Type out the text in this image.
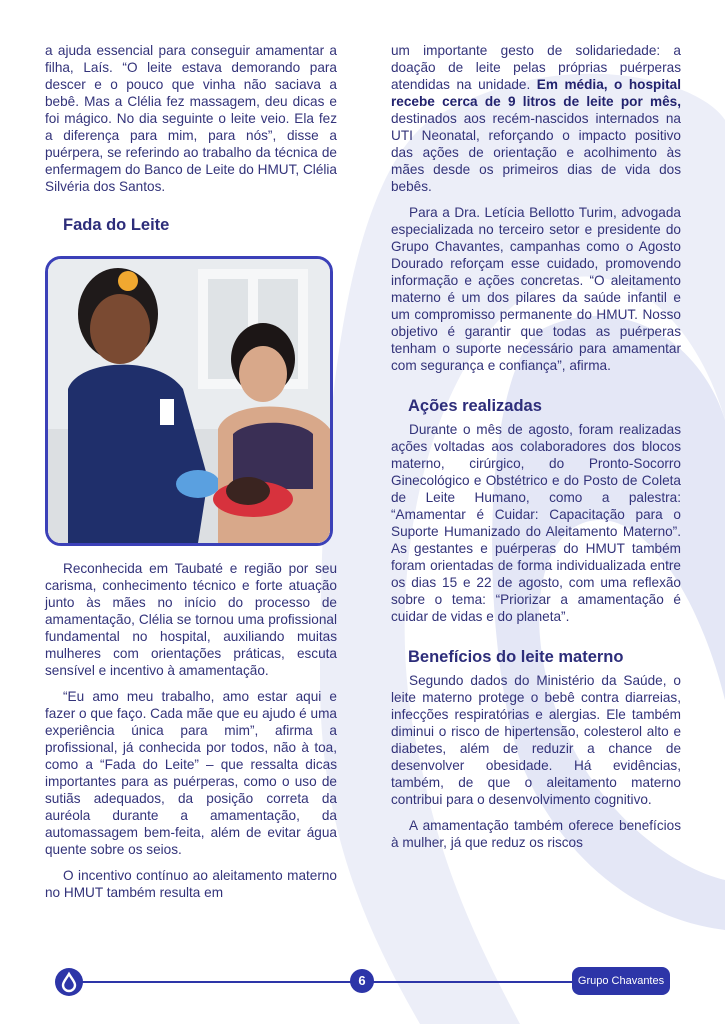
a ajuda essencial para conseguir amamentar a filha, Laís. “O leite estava demorando para descer e o pouco que vinha não saciava a bebê. Mas a Clélia fez massagem, deu dicas e foi mágico. No dia seguinte o leite veio. Ela fez a diferença para mim, para nós”, disse a puérpera, se referindo ao trabalho da técnica de enfermagem do Banco de Leite do HMUT, Clélia Silvéria dos Santos.

Fada do Leite

Reconhecida em Taubaté e região por seu carisma, conhecimento técnico e forte atuação junto às mães no início do processo de amamentação, Clélia se tornou uma profissional fundamental no hospital, auxiliando muitas mulheres com orientações práticas, escuta sensível e incentivo à amamentação.

“Eu amo meu trabalho, amo estar aqui e fazer o que faço. Cada mãe que eu ajudo é uma experiência única para mim”, afirma a profissional, já conhecida por todos, não à toa, como a “Fada do Leite” – que ressalta dicas importantes para as puérperas, como o uso de sutiãs adequados, da posição correta da auréola durante a amamentação, da automassagem bem-feita, além de evitar água quente sobre os seios.

O incentivo contínuo ao aleitamento materno no HMUT também resulta em

um importante gesto de solidariedade: a doação de leite pelas próprias puérperas atendidas na unidade. Em média, o hospital recebe cerca de 9 litros de leite por mês, destinados aos recém-nascidos internados na UTI Neonatal, reforçando o impacto positivo das ações de orientação e acolhimento às mães desde os primeiros dias de vida dos bebês.

Para a Dra. Letícia Bellotto Turim, advogada especializada no terceiro setor e presidente do Grupo Chavantes, campanhas como o Agosto Dourado reforçam esse cuidado, promovendo informação e ações concretas. “O aleitamento materno é um dos pilares da saúde infantil e um compromisso permanente do HMUT. Nosso objetivo é garantir que todas as puérperas tenham o suporte necessário para amamentar com segurança e confiança”, afirma.

Ações realizadas

Durante o mês de agosto, foram realizadas ações voltadas aos colaboradores dos blocos materno, cirúrgico, do Pronto-Socorro Ginecológico e Obstétrico e do Posto de Coleta de Leite Humano, como a palestra: “Amamentar é Cuidar: Capacitação para o Suporte Humanizado do Aleitamento Materno”. As gestantes e puérperas do HMUT também foram orientadas de forma individualizada entre os dias 15 e 22 de agosto, com uma reflexão sobre o tema: “Priorizar a amamentação é cuidar de vidas e do planeta”.

Benefícios do leite materno

Segundo dados do Ministério da Saúde, o leite materno protege o bebê contra diarreias, infecções respiratórias e alergias. Ele também diminui o risco de hipertensão, colesterol alto e diabetes, além de reduzir a chance de desenvolver obesidade. Há evidências, também, de que o aleitamento materno contribui para o desenvolvimento cognitivo.

A amamentação também oferece benefícios à mulher, já que reduz os riscos

6	Grupo Chavantes
